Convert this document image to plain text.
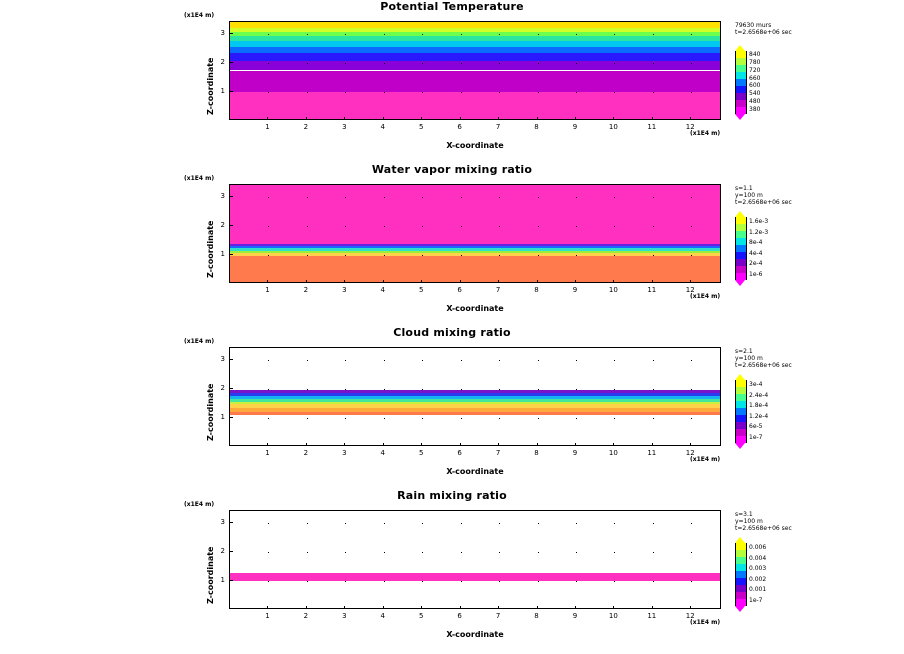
Potential Temperature
(x1E4 m)
Z-coordinate
1	2	3	4	5	6	7	8	9	10	11	12
1
2
3
(x1E4 m)
X-coordinate
79630 murs
t=2.6568e+06 sec
840
780
720
660
600
540
480
380
Water vapor mixing ratio
(x1E4 m)
Z-coordinate
1	2	3	4	5	6	7	8	9	10	11	12
1
2
3
(x1E4 m)
X-coordinate
s=1.1
y=100 m
t=2.6568e+06 sec
1.6e-3
1.2e-3
8e-4
4e-4
2e-4
1e-6
Cloud mixing ratio
(x1E4 m)
Z-coordinate
1	2	3	4	5	6	7	8	9	10	11	12
1
2
3
(x1E4 m)
X-coordinate
s=2.1
y=100 m
t=2.6568e+06 sec
3e-4
2.4e-4
1.8e-4
1.2e-4
6e-5
1e-7
Rain mixing ratio
(x1E4 m)
Z-coordinate
1	2	3	4	5	6	7	8	9	10	11	12
1
2
3
(x1E4 m)
X-coordinate
s=3.1
y=100 m
t=2.6568e+06 sec
0.006
0.004
0.003
0.002
0.001
1e-7
